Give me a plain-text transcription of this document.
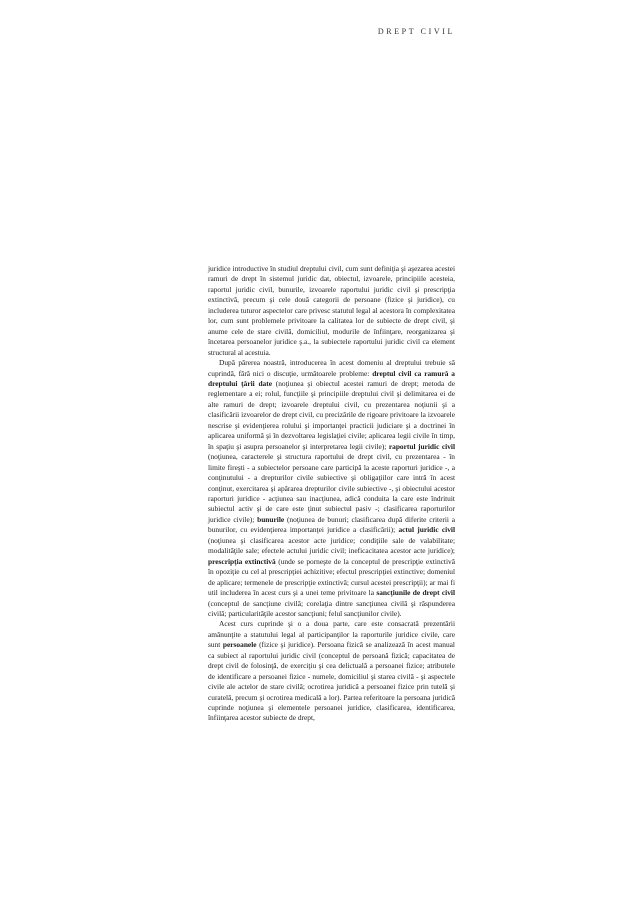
DREPT CIVIL

juridice introductive în studiul dreptului civil, cum sunt definiţia şi aşezarea acestei ramuri de drept în sistemul juridic dat, obiectul, izvoarele, principiile acesteia, raportul juridic civil, bunurile, izvoarele raportului juridic civil şi prescripţia extinctivă, precum şi cele două categorii de persoane (fizice şi juridice), cu includerea tuturor aspectelor care privesc statutul legal al acestora în complexitatea lor, cum sunt problemele privitoare la calitatea lor de subiecte de drept civil, şi anume cele de stare civilă, domiciliul, modurile de înfiinţare, reorganizarea şi încetarea persoanelor juridice ş.a., la subiectele raportului juridic civil ca element structural al acestuia.

După părerea noastră, introducerea în acest domeniu al dreptului trebuie să cuprindă, fără nici o discuţie, următoarele probleme: dreptul civil ca ramură a dreptului ţării date (noţiunea şi obiectul acestei ramuri de drept; metoda de reglementare a ei; rolul, funcţiile şi principiile dreptului civil şi delimitarea ei de alte ramuri de drept; izvoarele dreptului civil, cu prezentarea noţiunii şi a clasificării izvoarelor de drept civil, cu precizările de rigoare privitoare la izvoarele nescrise şi evidenţierea rolului şi importanţei practicii judiciare şi a doctrinei în aplicarea uniformă şi în dezvoltarea legislaţiei civile; aplicarea legii civile în timp, în spaţiu şi asupra persoanelor şi interpretarea legii civile); raportul juridic civil (noţiunea, caracterele şi structura raportului de drept civil, cu prezentarea - în limite fireşti - a subiectelor persoane care participă la aceste raporturi juridice -, a conţinutului - a drepturilor civile subiective şi obligaţiilor care intră în acest conţinut, exercitarea şi apărarea drepturilor civile subiective -, şi obiectului acestor raporturi juridice - acţiunea sau inacţiunea, adică conduita la care este îndrituit subiectul activ şi de care este ţinut subiectul pasiv -; clasificarea raporturilor juridice civile); bunurile (noţiunea de bunuri; clasificarea după diferite criterii a bunurilor, cu evidenţierea importanţei juridice a clasificării); actul juridic civil (noţiunea şi clasificarea acestor acte juridice; condiţiile sale de valabilitate; modalităţile sale; efectele actului juridic civil; ineficacitatea acestor acte juridice); prescripţia extinctivă (unde se porneşte de la conceptul de prescripţie extinctivă în opoziţie cu cel al prescripţiei achizitive; efectul prescripţiei extinctive; domeniul de aplicare; termenele de prescripţie extinctivă; cursul acestei prescripţii); ar mai fi util includerea în acest curs şi a unei teme privitoare la sancţiunile de drept civil (conceptul de sancţiune civilă; corelaţia dintre sancţiunea civilă şi răspunderea civilă; particularităţile acestor sancţiuni; felul sancţiunilor civile).

Acest curs cuprinde şi o a doua parte, care este consacrată prezentării amănunţite a statutului legal al participanţilor la raporturile juridice civile, care sunt persoanele (fizice şi juridice). Persoana fizică se analizează în acest manual ca subiect al raportului juridic civil (conceptul de persoană fizică; capacitatea de drept civil de folosinţă, de exerciţiu şi cea delictuală a persoanei fizice; atributele de identificare a persoanei fizice - numele, domiciliul şi starea civilă - şi aspectele civile ale actelor de stare civilă; ocrotirea juridică a persoanei fizice prin tutelă şi curatelă, precum şi ocrotirea medicală a lor). Partea referitoare la persoana juridică cuprinde noţiunea şi elementele persoanei juridice, clasificarea, identificarea, înfiinţarea acestor subiecte de drept,
